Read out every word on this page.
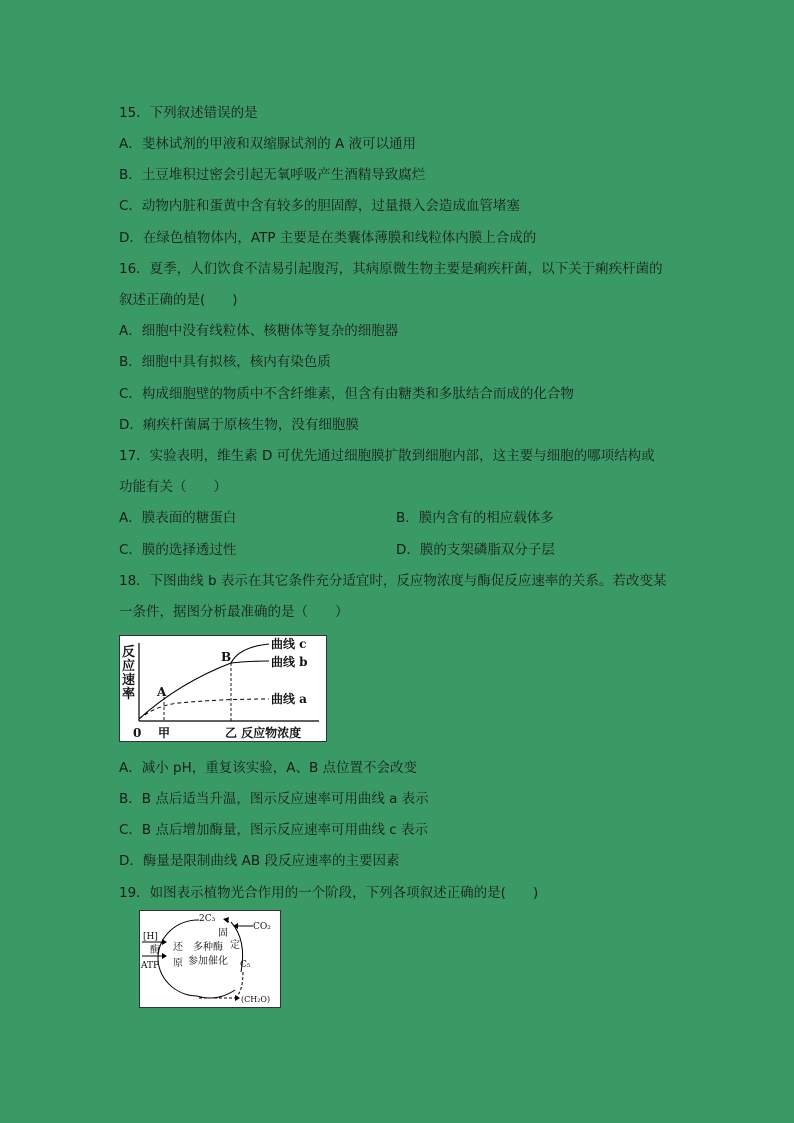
15．下列叙述错误的是
A．斐林试剂的甲液和双缩脲试剂的 A 液可以通用
B．土豆堆积过密会引起无氧呼吸产生酒精导致腐烂
C．动物内脏和蛋黄中含有较多的胆固醇，过量摄入会造成血管堵塞
D．在绿色植物体内，ATP 主要是在类囊体薄膜和线粒体内膜上合成的
16．夏季，人们饮食不洁易引起腹泻，其病原微生物主要是痢疾杆菌，以下关于痢疾杆菌的
叙述正确的是(　　)
A．细胞中没有线粒体、核糖体等复杂的细胞器
B．细胞中具有拟核，核内有染色质
C．构成细胞壁的物质中不含纤维素，但含有由糖类和多肽结合而成的化合物
D．痢疾杆菌属于原核生物，没有细胞膜
17．实验表明，维生素 D 可优先通过细胞膜扩散到细胞内部，这主要与细胞的哪项结构或
功能有关（　　）
A．膜表面的糖蛋白	B．膜内含有的相应载体多
C．膜的选择透过性	D．膜的支架磷脂双分子层
18．下图曲线 b 表示在其它条件充分适宜时，反应物浓度与酶促反应速率的关系。若改变某
一条件，据图分析最准确的是（　　）
反
应
速
率 A
B
曲线 c
曲线 b
曲线 a
0 甲	乙 反应物浓度
A．减小 pH，重复该实验，A、B 点位置不会改变
B．B 点后适当升温，图示反应速率可用曲线 a 表示
C．B 点后增加酶量，图示反应速率可用曲线 c 表示
D．酶量是限制曲线 AB 段反应速率的主要因素
19．如图表示植物光合作用的一个阶段，下列各项叙述正确的是(　　)
2C₃
[H]
酶
ATP
还
原
多种酶
参加催化
固
定
CO₂
C₅
(CH₂O)
